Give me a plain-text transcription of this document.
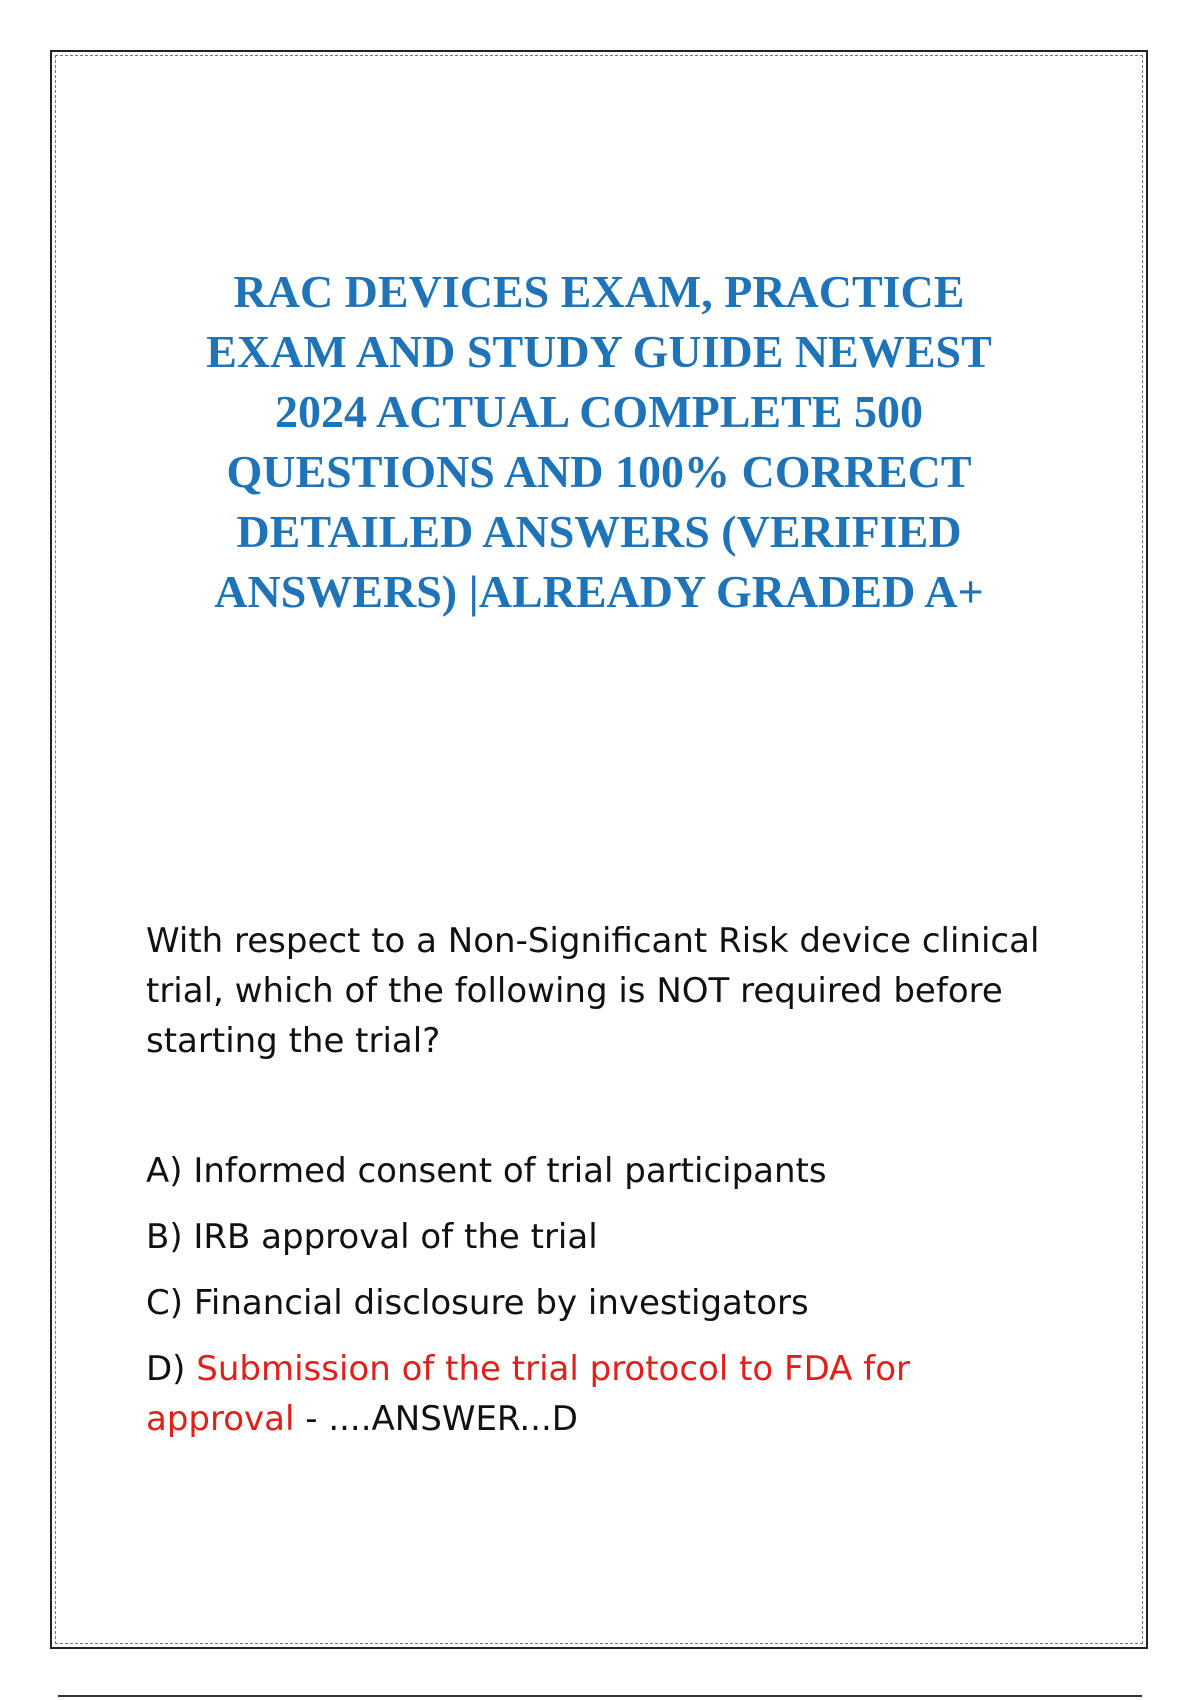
RAC DEVICES EXAM, PRACTICE EXAM AND STUDY GUIDE NEWEST 2024 ACTUAL COMPLETE 500 QUESTIONS AND 100% CORRECT DETAILED ANSWERS (VERIFIED ANSWERS) |ALREADY GRADED A+

With respect to a Non-Significant Risk device clinical trial, which of the following is NOT required before starting the trial?

A) Informed consent of trial participants

B) IRB approval of the trial

C) Financial disclosure by investigators

D) Submission of the trial protocol to FDA for approval - ....ANSWER...D
